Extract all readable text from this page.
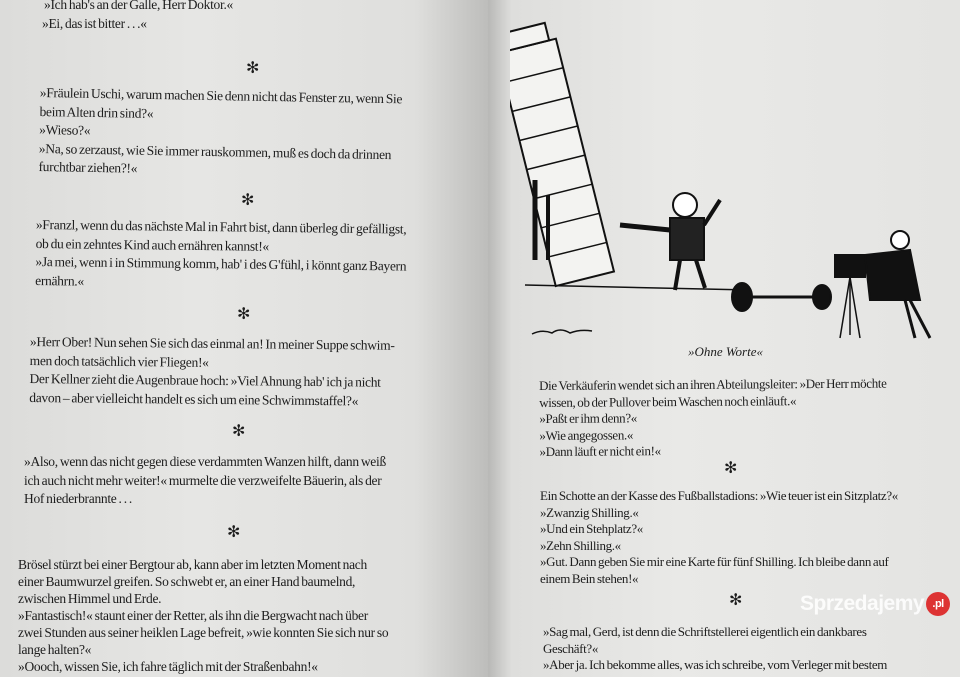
»Ich hab's an der Galle, Herr Doktor.«
»Ei, das ist bitter . . .«
✻
»Fräulein Uschi, warum machen Sie denn nicht das Fenster zu, wenn Sie
beim Alten drin sind?«
»Wieso?«
»Na, so zerzaust, wie Sie immer rauskommen, muß es doch da drinnen
furchtbar ziehen?!«
✻
»Franzl, wenn du das nächste Mal in Fahrt bist, dann überleg dir gefälligst,
ob du ein zehntes Kind auch ernähren kannst!«
»Ja mei, wenn i in Stimmung komm, hab' i des G'fühl, i könnt ganz Bayern
ernährn.«
✻
»Herr Ober! Nun sehen Sie sich das einmal an! In meiner Suppe schwim-
men doch tatsächlich vier Fliegen!«
Der Kellner zieht die Augenbraue hoch: »Viel Ahnung hab' ich ja nicht
davon – aber vielleicht handelt es sich um eine Schwimmstaffel?«
✻
»Also, wenn das nicht gegen diese verdammten Wanzen hilft, dann weiß
ich auch nicht mehr weiter!« murmelte die verzweifelte Bäuerin, als der
Hof niederbrannte . . .
✻
Brösel stürzt bei einer Bergtour ab, kann aber im letzten Moment nach
einer Baumwurzel greifen. So schwebt er, an einer Hand baumelnd,
zwischen Himmel und Erde.
»Fantastisch!« staunt einer der Retter, als ihn die Bergwacht nach über
zwei Stunden aus seiner heiklen Lage befreit, »wie konnten Sie sich nur so
lange halten?«
»Oooch, wissen Sie, ich fahre täglich mit der Straßenbahn!«
»Ohne Worte«
Die Verkäuferin wendet sich an ihren Abteilungsleiter: »Der Herr möchte
wissen, ob der Pullover beim Waschen noch einläuft.«
»Paßt er ihm denn?«
»Wie angegossen.«
»Dann läuft er nicht ein!«
✻
Ein Schotte an der Kasse des Fußballstadions: »Wie teuer ist ein Sitzplatz?«
»Zwanzig Shilling.«
»Und ein Stehplatz?«
»Zehn Shilling.«
»Gut. Dann geben Sie mir eine Karte für fünf Shilling. Ich bleibe dann auf
einem Bein stehen!«
✻
»Sag mal, Gerd, ist denn die Schriftstellerei eigentlich ein dankbares
Geschäft?«
»Aber ja. Ich bekomme alles, was ich schreibe, vom Verleger mit bestem
Sprzedajemy .pl
